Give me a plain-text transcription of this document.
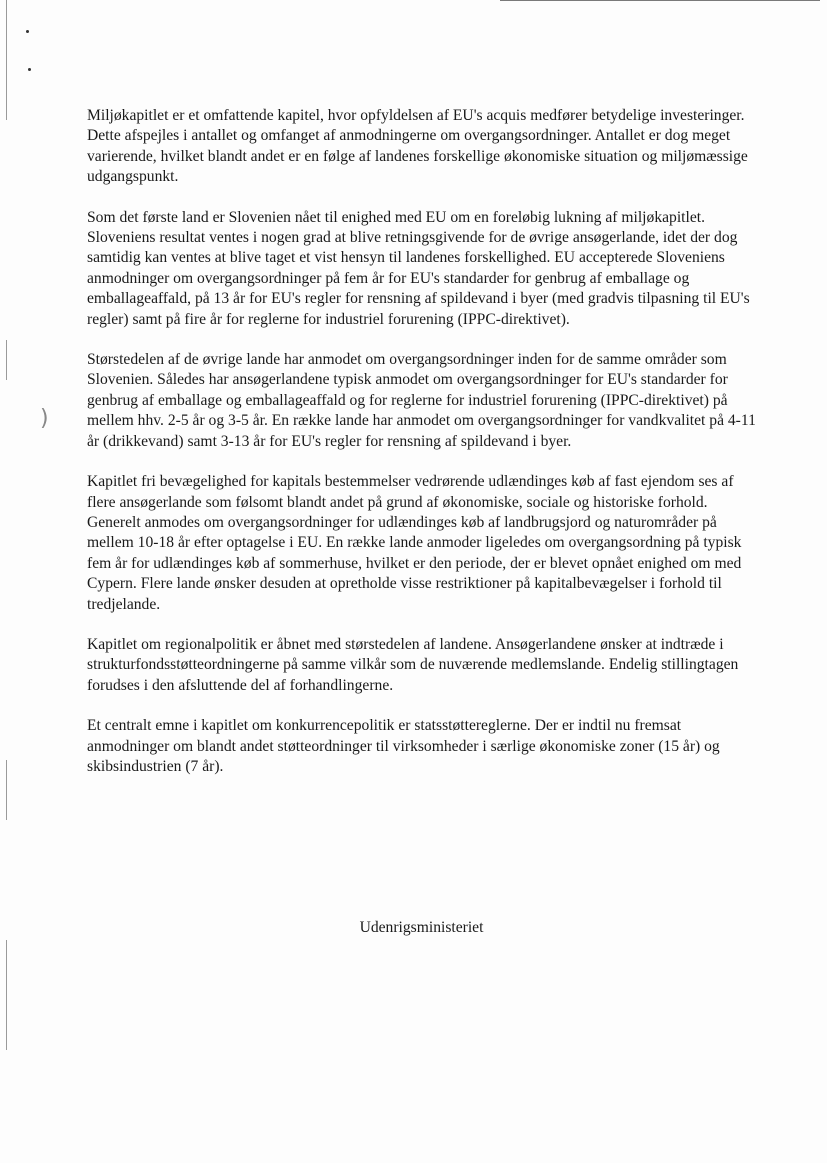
)

Miljøkapitlet er et omfattende kapitel, hvor opfyldelsen af EU's acquis medfører betydelige investeringer. Dette afspejles i antallet og omfanget af anmodningerne om overgangsordninger. Antallet er dog meget varierende, hvilket blandt andet er en følge af landenes forskellige økonomiske situation og miljømæssige udgangspunkt.

Som det første land er Slovenien nået til enighed med EU om en foreløbig lukning af miljøkapitlet. Sloveniens resultat ventes i nogen grad at blive retningsgivende for de øvrige ansøgerlande, idet der dog samtidig kan ventes at blive taget et vist hensyn til landenes forskellighed. EU accepterede Sloveniens anmodninger om overgangsordninger på fem år for EU's standarder for genbrug af emballage og emballageaffald, på 13 år for EU's regler for rensning af spildevand i byer (med gradvis tilpasning til EU's regler) samt på fire år for reglerne for industriel forurening (IPPC-direktivet).

Størstedelen af de øvrige lande har anmodet om overgangsordninger inden for de samme områder som Slovenien. Således har ansøgerlandene typisk anmodet om overgangsordninger for EU's standarder for genbrug af emballage og emballageaffald og for reglerne for industriel forurening (IPPC-direktivet) på mellem hhv. 2-5 år og 3-5 år. En række lande har anmodet om overgangsordninger for vandkvalitet på 4-11 år (drikkevand) samt 3-13 år for EU's regler for rensning af spildevand i byer.

Kapitlet fri bevægelighed for kapitals bestemmelser vedrørende udlændinges køb af fast ejendom ses af flere ansøgerlande som følsomt blandt andet på grund af økonomiske, sociale og historiske forhold. Generelt anmodes om overgangsordninger for udlændinges køb af landbrugsjord og naturområder på mellem 10-18 år efter optagelse i EU. En række lande anmoder ligeledes om overgangsordning på typisk fem år for udlændinges køb af sommerhuse, hvilket er den periode, der er blevet opnået enighed om med Cypern. Flere lande ønsker desuden at opretholde visse restriktioner på kapitalbevægelser i forhold til tredjelande.

Kapitlet om regionalpolitik er åbnet med størstedelen af landene. Ansøgerlandene ønsker at indtræde i strukturfondsstøtteordningerne på samme vilkår som de nuværende medlemslande. Endelig stillingtagen forudses i den afsluttende del af forhandlingerne.

Et centralt emne i kapitlet om konkurrencepolitik er statsstøttereglerne. Der er indtil nu fremsat anmodninger om blandt andet støtteordninger til virksomheder i særlige økonomiske zoner (15 år) og skibsindustrien (7 år).

Udenrigsministeriet
